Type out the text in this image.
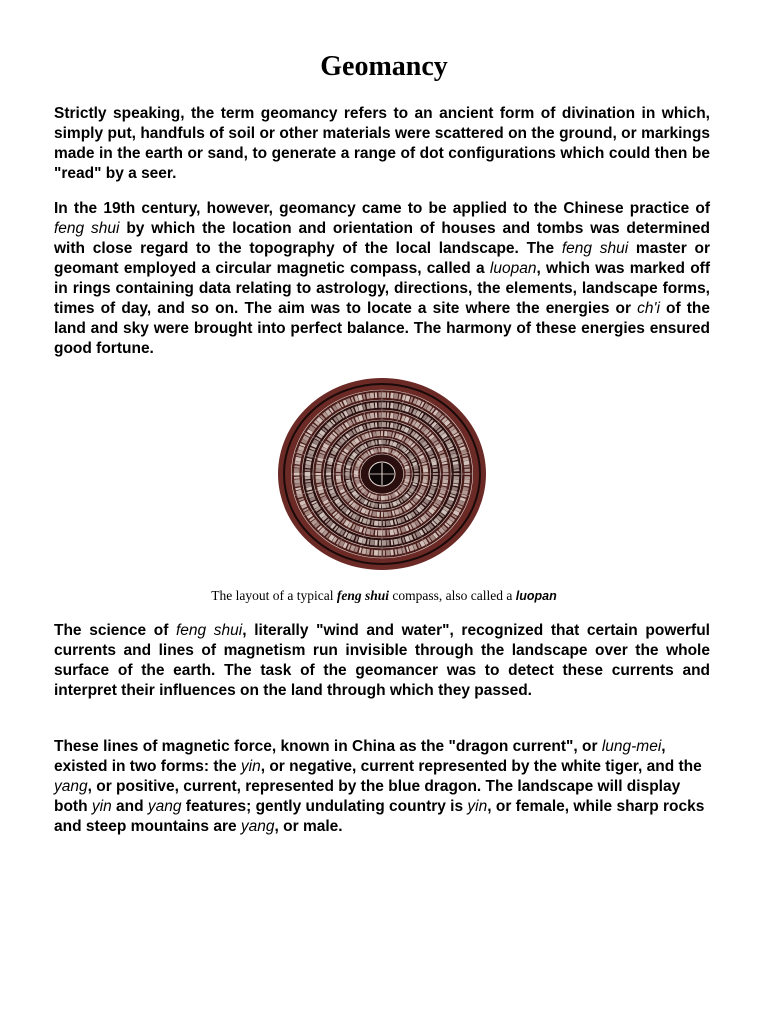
Geomancy

Strictly speaking, the term geomancy refers to an ancient form of divination in which, simply put, handfuls of soil or other materials were scattered on the ground, or markings made in the earth or sand, to generate a range of dot configurations which could then be "read" by a seer.

In the 19th century, however, geomancy came to be applied to the Chinese practice of feng shui by which the location and orientation of houses and tombs was determined with close regard to the topography of the local landscape. The feng shui master or geomant employed a circular magnetic compass, called a luopan, which was marked off in rings containing data relating to astrology, directions, the elements, landscape forms, times of day, and so on. The aim was to locate a site where the energies or ch'i of the land and sky were brought into perfect balance. The harmony of these energies ensured good fortune.

The layout of a typical feng shui compass, also called a luopan

The science of feng shui, literally "wind and water", recognized that certain powerful currents and lines of magnetism run invisible through the landscape over the whole surface of the earth. The task of the geomancer was to detect these currents and interpret their influences on the land through which they passed.

These lines of magnetic force, known in China as the "dragon current", or lung-mei, existed in two forms: the yin, or negative, current represented by the white tiger, and the yang, or positive, current, represented by the blue dragon. The landscape will display both yin and yang features; gently undulating country is yin, or female, while sharp rocks and steep mountains are yang, or male.
